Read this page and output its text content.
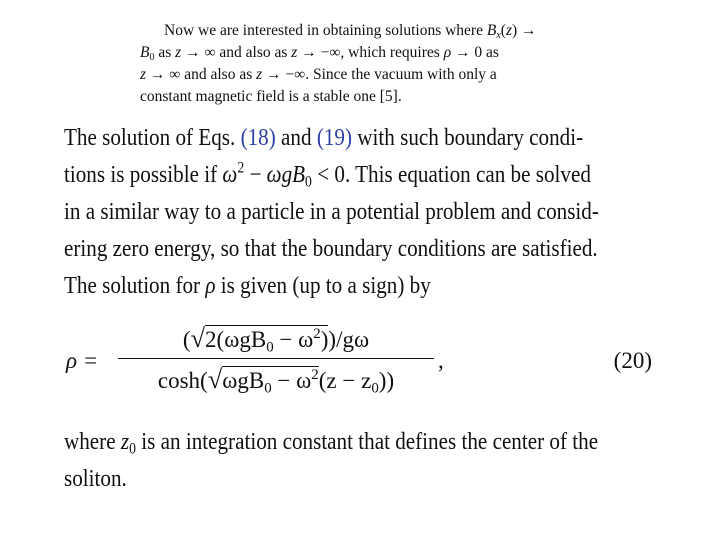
Now we are interested in obtaining solutions where $B_x(z)$ →
$B_0$ as z → ∞ and also as z → −∞, which requires ρ → 0 as
z → ∞ and also as z → −∞. Since the vacuum with only a
constant magnetic field is a stable one [5].
The solution of Eqs. (18) and (19) with such boundary condi-
tions is possible if $\omega^2 - \omega gB_0 < 0$. This equation can be solved
in a similar way to a particle in a potential problem and consid-
ering zero energy, so that the boundary conditions are satisfied.
The solution for ρ is given (up to a sign) by
ρ =
$(√2(\omega gB_0 - \omega^2))/g\omega$
$\cosh(√\omega gB_0 - \omega^2(z - z_0))$
,	(20)
where $z_0$ is an integration constant that defines the center of the
soliton.
